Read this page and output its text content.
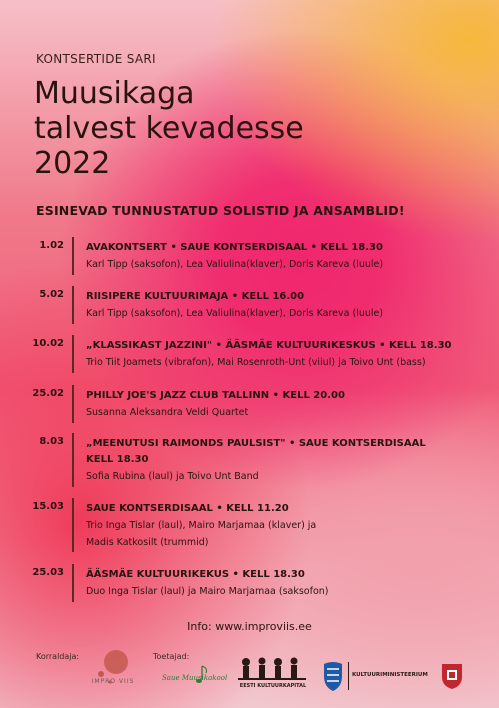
KONTSERTIDE SARI
Muusikaga
talvest kevadesse
2022
ESINEVAD TUNNUSTATUD SOLISTID JA ANSAMBLID!
1.02 AVAKONTSERT • SAUE KONTSERDISAAL • KELL 18.30
Karl Tipp (saksofon), Lea Valiulina(klaver), Doris Kareva (luule)
5.02 RIISIPERE KULTUURIMAJA • KELL 16.00
Karl Tipp (saksofon), Lea Valiulina(klaver), Doris Kareva (luule)
10.02 „KLASSIKAST JAZZINI" • ÄÄSMÄE KULTUURIKESKUS • KELL 18.30
Trio Tiit Joamets (vibrafon), Mai Rosenroth-Unt (viiul) ja Toivo Unt (bass)
25.02 PHILLY JOE'S JAZZ CLUB TALLINN • KELL 20.00
Susanna Aleksandra Veldi Quartet
8.03 „MEENUTUSI RAIMONDS PAULSIST" • SAUE KONTSERDISAAL
KELL 18.30
Sofia Rubina (laul) ja Toivo Unt Band
15.03 SAUE KONTSERDISAAL • KELL 11.20
Trio Inga Tislar (laul), Mairo Marjamaa (klaver) ja
Madis Katkosilt (trummid)
25.03 ÄÄSMÄE KULTUURIKEKUS • KELL 18.30
Duo Inga Tislar (laul) ja Mairo Marjamaa (saksofon)
Info: www.improviis.ee
Korraldaja:	Toetajad:
IMPRO VIIS	Saue Muusikakool
EESTI KULTUURKAPITAL
KULTUURIMINISTEERIUM
